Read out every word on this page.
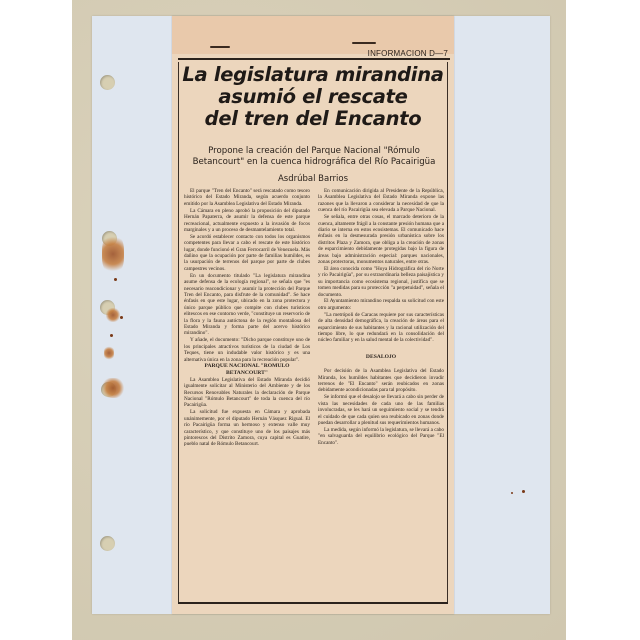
INFORMACION D—7
La legislatura mirandina
asumió el rescate
del tren del Encanto
Propone la creación del Parque Nacional "Rómulo
Betancourt" en la cuenca hidrográfica del Río Pacairigüa
Asdrúbal Barrios

El parque "Tren del Encanto" será rescatado como tesoro histórico del Estado Miranda, según acuerdo conjunto emitido por la Asamblea Legislativa del Estado Miranda.

La Cámara en pleno aprobó la proposición del diputado Hernán Papaterra, de asumir la defensa de este parque recreacional, actualmente expuesto a la invasión de focos marginales y a un proceso de desmantelamiento total.

Se acordó establecer contacto con todos los organismos competentes para llevar a cabo el rescate de este histórico lugar, donde funcionó el Gran Ferrocarril de Venezuela. Más dañino que la ocupación por parte de familias humildes, es la usurpación de terrenos del parque por parte de clubes campestres vecinos.

En un documento titulado "La legislatura mirandina asume defensa de la ecología regional", se señala que "es necesario reacondicionar y asumir la protección del Parque Tren del Encanto, para disfrute de la comunidad". Se hace énfasis en que este lugar, ubicado en la zona protectora y único parque público que compite con clubes turísticos elitescos en ese contorno verde, "constituye un reservorio de la flora y la fauna autóctona de la región montañosa del Estado Miranda y forma parte del acervo histórico mirandino".

Y añade, el documento: "Dicho parque constituye uno de los principales atractivos turísticos de la ciudad de Los Teques, tiene un indudable valor histórico y es una alternativa única en la zona para la recreación popular".

PARQUE NACIONAL "ROMULO BETANCOURT"

La Asamblea Legislativa del Estado Miranda decidió igualmente solicitar al Ministerio del Ambiente y de los Recursos Renovables Naturales la declaración de Parque Nacional "Rómulo Betancourt" de toda la cuenca del río Pacairigüa.

La solicitud fue expuesta en Cámara y aprobada unánimemente, por el diputado Hernán Vásquez Rigual. El río Pacairigüa forma un hermoso y extenso valle muy característico, y que constituye uno de los paisajes más pintorescos del Distrito Zamora, cuya capital es Guatire, pueblo natal de Rómulo Betancourt.

En comunicación dirigida al Presidente de la República, la Asamblea Legislativa del Estado Miranda expone las razones que la llevaron a considerar la necesidad de que la cuenca del río Pacairigüa sea elevada a Parque Nacional.

Se señala, entre otras cosas, el marcado deterioro de la cuenca, altamente frágil a la constante presión humana que a diario se interna en estos ecosistemas. El comunicado hace énfasis en la desmesurada presión urbanística sobre los distritos Plaza y Zamora, que obliga a la creación de zonas de esparcimiento debidamente protegidas bajo la figura de áreas bajo administración especial: parques nacionales, zonas protectoras, monumentos naturales, entre otras.

El área conocida como "Hoya Hidrográfica del río Norte y río Pacairigüa", por su extraordinaria belleza paisajística y su importancia como ecosistema regional, justifica que se tomen medidas para su protección "a perpetuidad", señala el documento.

El Ayuntamiento mirandino respalda su solicitud con este otro argumento:

"La metrópoli de Caracas requiere por sus características de alta densidad demográfica, la creación de áreas para el esparcimiento de sus habitantes y la racional utilización del tiempo libre, lo que redundará en la consolidación del núcleo familiar y en la salud mental de la colectividad".

DESALOJO

Por decisión de la Asamblea Legislativa del Estado Miranda, los humildes habitantes que decidieron invadir terrenos de "El Encanto" serán reubicados en zonas debidamente acondicionadas para tal propósito.

Se informó que el desalojo se llevará a cabo sin perder de vista las necesidades de cada uno de las familias involucradas, se les hará un seguimiento social y se tendrá el cuidado de que cada quien sea reubicado en zonas donde puedan desarrollar a plenitud sus requerimientos humanos.

La medida, según informó la legislatura, se llevará a cabo "en salvaguarda del equilibrio ecológico del Parque "El Encanto".
